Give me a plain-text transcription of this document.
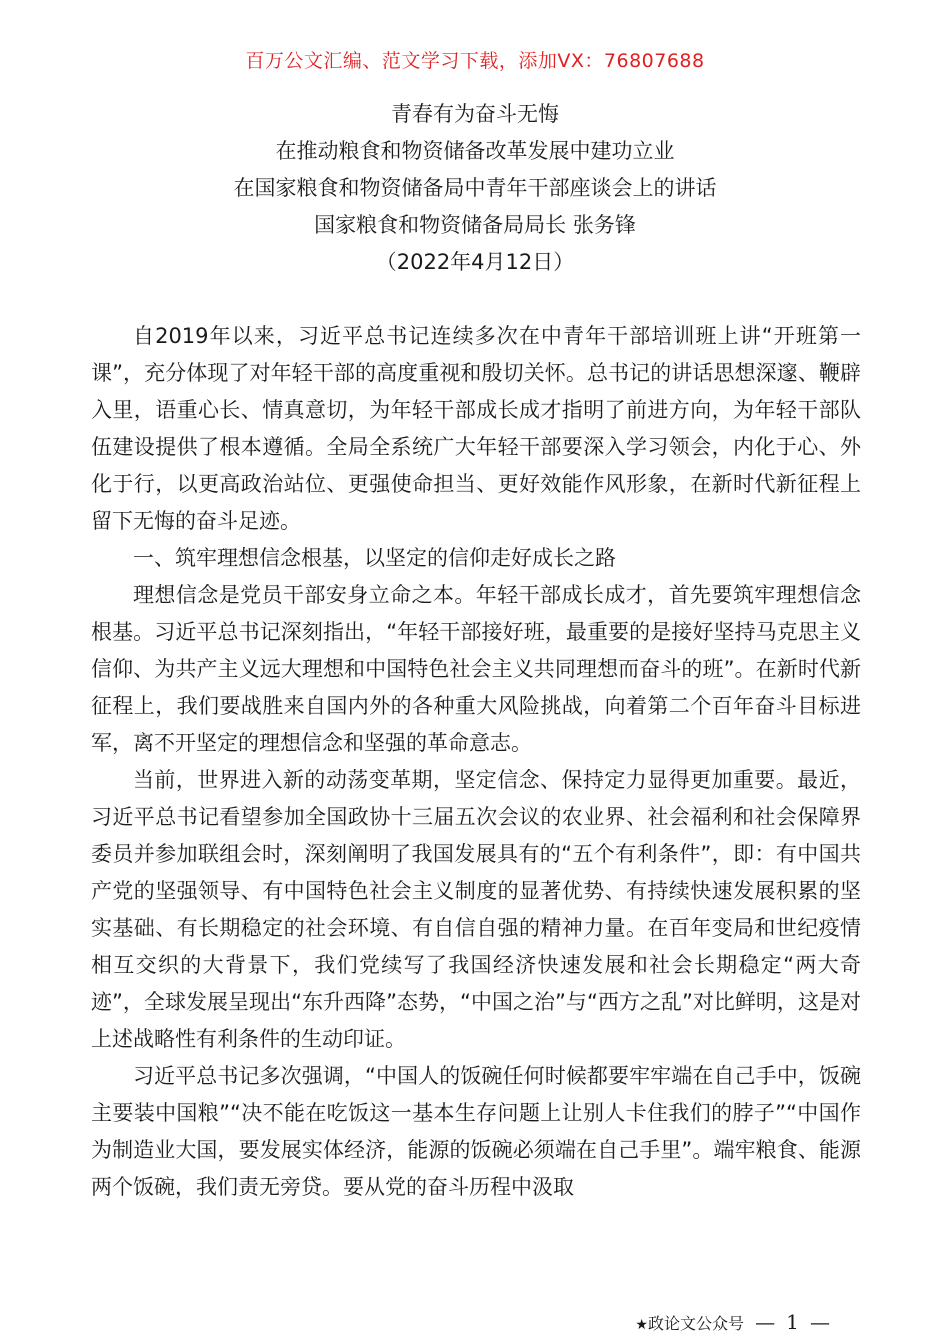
百万公文汇编、范文学习下载，添加VX：76807688
青春有为奋斗无悔
在推动粮食和物资储备改革发展中建功立业
在国家粮食和物资储备局中青年干部座谈会上的讲话
国家粮食和物资储备局局长 张务锋
（2022年4月12日）

自2019年以来，习近平总书记连续多次在中青年干部培训班上讲“开班第一课”，充分体现了对年轻干部的高度重视和殷切关怀。总书记的讲话思想深邃、鞭辟入里，语重心长、情真意切，为年轻干部成长成才指明了前进方向，为年轻干部队伍建设提供了根本遵循。全局全系统广大年轻干部要深入学习领会，内化于心、外化于行，以更高政治站位、更强使命担当、更好效能作风形象，在新时代新征程上留下无悔的奋斗足迹。

一、筑牢理想信念根基，以坚定的信仰走好成长之路

理想信念是党员干部安身立命之本。年轻干部成长成才，首先要筑牢理想信念根基。习近平总书记深刻指出，“年轻干部接好班，最重要的是接好坚持马克思主义信仰、为共产主义远大理想和中国特色社会主义共同理想而奋斗的班”。在新时代新征程上，我们要战胜来自国内外的各种重大风险挑战，向着第二个百年奋斗目标进军，离不开坚定的理想信念和坚强的革命意志。

当前，世界进入新的动荡变革期，坚定信念、保持定力显得更加重要。最近，习近平总书记看望参加全国政协十三届五次会议的农业界、社会福利和社会保障界委员并参加联组会时，深刻阐明了我国发展具有的“五个有利条件”，即：有中国共产党的坚强领导、有中国特色社会主义制度的显著优势、有持续快速发展积累的坚实基础、有长期稳定的社会环境、有自信自强的精神力量。在百年变局和世纪疫情相互交织的大背景下，我们党续写了我国经济快速发展和社会长期稳定“两大奇迹”，全球发展呈现出“东升西降”态势，“中国之治”与“西方之乱”对比鲜明，这是对上述战略性有利条件的生动印证。

习近平总书记多次强调，“中国人的饭碗任何时候都要牢牢端在自己手中，饭碗主要装中国粮”“决不能在吃饭这一基本生存问题上让别人卡住我们的脖子”“中国作为制造业大国，要发展实体经济，能源的饭碗必须端在自己手里”。端牢粮食、能源两个饭碗，我们责无旁贷。要从党的奋斗历程中汲取

★政论文公众号 — 1 —
